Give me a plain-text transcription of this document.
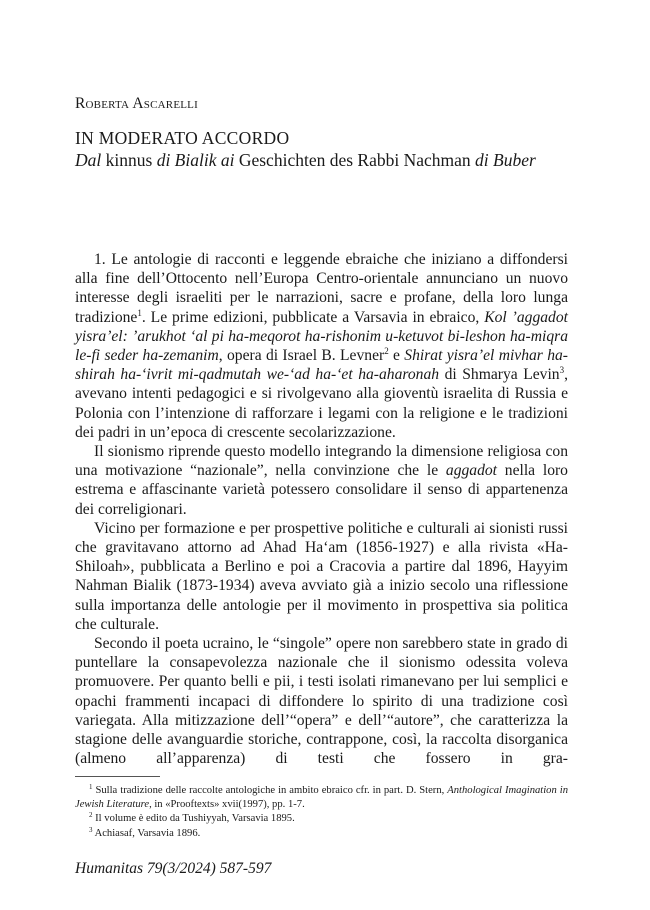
Roberta Ascarelli

IN MODERATO ACCORDO

Dal kinnus di Bialik ai Geschichten des Rabbi Nachman di Buber

1. Le antologie di racconti e leggende ebraiche che iniziano a diffondersi alla fine dell’Ottocento nell’Europa Centro-orientale annunciano un nuovo interesse degli israeliti per le narrazioni, sacre e profane, della loro lunga tradizione$^1$. Le prime edizioni, pubblicate a Varsavia in ebraico, Kol ’aggadot yisra’el: ’arukhot ‘al pi ha-meqorot ha-rishonim u-ketuvot bi-leshon ha-miqra le-fi seder ha-zemanim, opera di Israel B. Levner$^2$ e Shirat yisra’el mivhar ha-shirah ha-‘ivrit mi-qadmutah we-‘ad ha-‘et ha-aharonah di Shmarya Levin$^3$, avevano intenti pedagogici e si rivolgevano alla gioventù israelita di Russia e Polonia con l’intenzione di rafforzare i legami con la religione e le tradizioni dei padri in un’epoca di crescente secolarizzazione.

Il sionismo riprende questo modello integrando la dimensione religiosa con una motivazione “nazionale”, nella convinzione che le aggadot nella loro estrema e affascinante varietà potessero consolidare il senso di appartenenza dei correligionari.

Vicino per formazione e per prospettive politiche e culturali ai sionisti russi che gravitavano attorno ad Ahad Ha‘am (1856-1927) e alla rivista «Ha-Shiloah», pubblicata a Berlino e poi a Cracovia a partire dal 1896, Hayyim Nahman Bialik (1873-1934) aveva avviato già a inizio secolo una riflessione sulla importanza delle antologie per il movimento in prospettiva sia politica che culturale.

Secondo il poeta ucraino, le “singole” opere non sarebbero state in grado di puntellare la consapevolezza nazionale che il sionismo odessita voleva promuovere. Per quanto belli e pii, i testi isolati rimanevano per lui semplici e opachi frammenti incapaci di diffondere lo spirito di una tradizione così variegata. Alla mitizzazione dell’“opera” e dell’“autore”, che caratterizza la stagione delle avanguardie storiche, contrappone, così, la raccolta disorganica (almeno all’apparenza) di testi che fossero in gra-

$^1$ Sulla tradizione delle raccolte antologiche in ambito ebraico cfr. in part. D. Stern, Anthological Imagination in Jewish Literature, in «Prooftexts» xvii(1997), pp. 1-7.

$^2$ Il volume è edito da Tushiyyah, Varsavia 1895.

$^3$ Achiasaf, Varsavia 1896.

Humanitas 79(3/2024) 587-597
